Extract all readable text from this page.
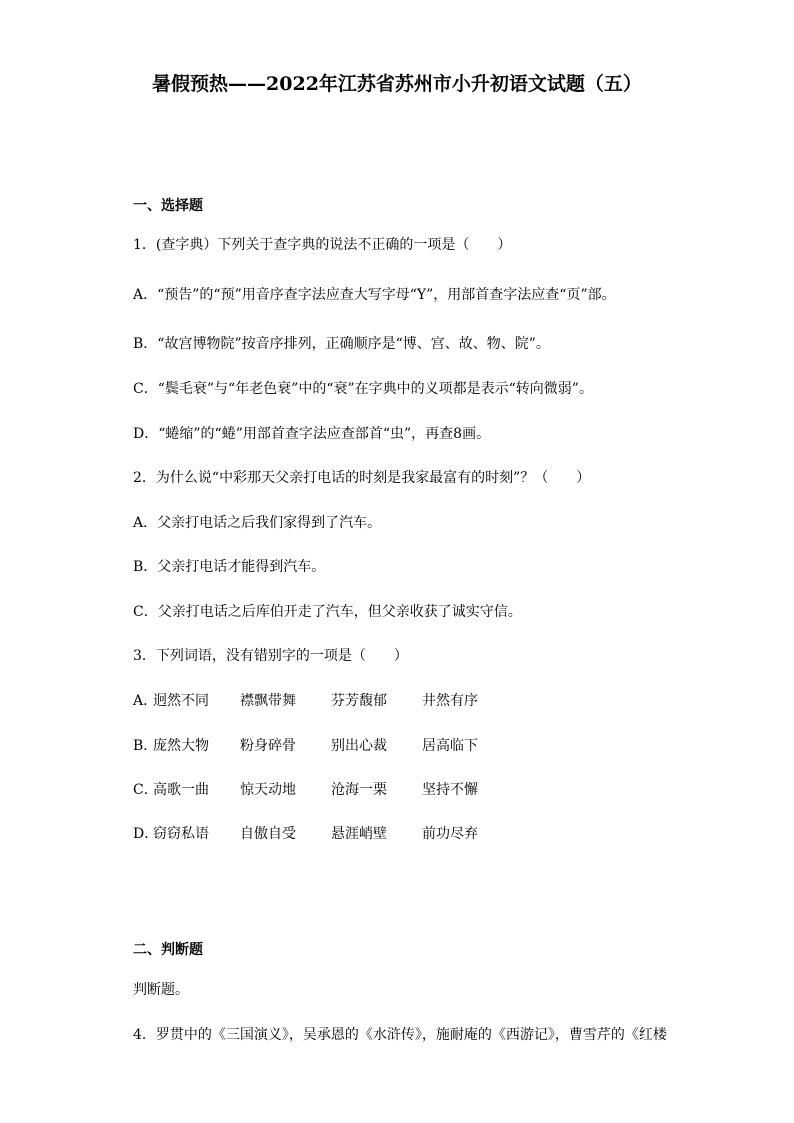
暑假预热——2022年江苏省苏州市小升初语文试题（五）
一、选择题
1．(查字典）下列关于查字典的说法不正确的一项是（　　）
A．“预告”的“预”用音序查字法应查大写字母“Y”，用部首查字法应查“页”部。
B．“故宫博物院”按音序排列，正确顺序是“博、宫、故、物、院”。
C．“鬓毛衰”与“年老色衰”中的“衰”在字典中的义项都是表示“转向微弱”。
D．“蜷缩”的“蜷”用部首查字法应查部首“虫”，再查8画。
2．为什么说“中彩那天父亲打电话的时刻是我家最富有的时刻”？（　　）
A．父亲打电话之后我们家得到了汽车。
B．父亲打电话才能得到汽车。
C．父亲打电话之后库伯开走了汽车，但父亲收获了诚实守信。
3．下列词语，没有错别字的一项是（　　）
A．
迥然不同 襟飘带舞	芬芳馥郁	井然有序
B．
庞然大物 粉身碎骨	别出心裁	居高临下
C．
高歌一曲 惊天动地	沧海一栗	坚持不懈
D．
窃窃私语 自傲自受	悬涯峭壁	前功尽弃
二、判断题
判断题。
4．罗贯中的《三国演义》，吴承恩的《水浒传》，施耐庵的《西游记》，曹雪芹的《红楼
